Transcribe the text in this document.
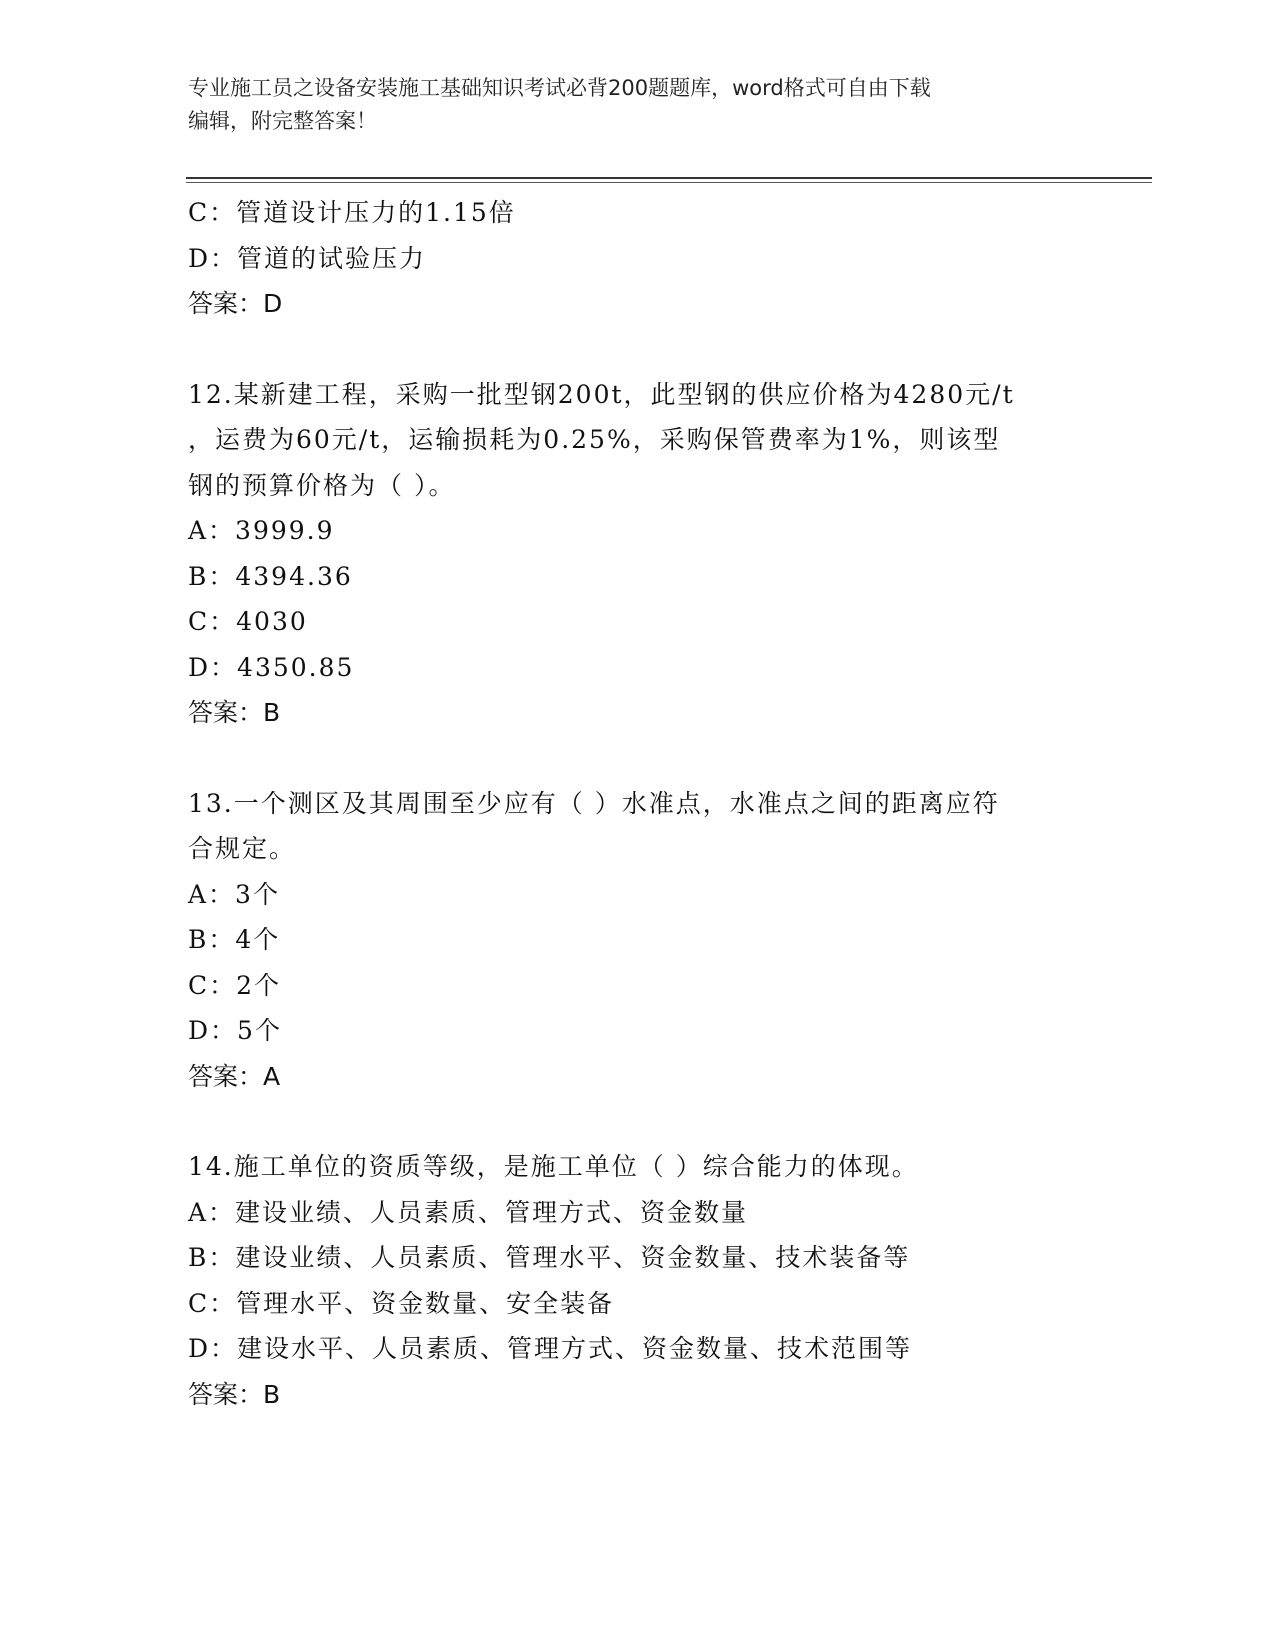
专业施工员之设备安装施工基础知识考试必背200题题库，word格式可自由下载
编辑，附完整答案！
C：管道设计压力的1.15倍
D：管道的试验压力
答案：D
12.某新建工程，采购一批型钢200t，此型钢的供应价格为4280元/t
，运费为60元/t，运输损耗为0.25%，采购保管费率为1%，则该型
钢的预算价格为（ ）。
A：3999.9
B：4394.36
C：4030
D：4350.85
答案：B
13.一个测区及其周围至少应有（ ）水准点，水准点之间的距离应符
合规定。
A：3个
B：4个
C：2个
D：5个
答案：A
14.施工单位的资质等级，是施工单位（ ）综合能力的体现。
A：建设业绩、人员素质、管理方式、资金数量
B：建设业绩、人员素质、管理水平、资金数量、技术装备等
C：管理水平、资金数量、安全装备
D：建设水平、人员素质、管理方式、资金数量、技术范围等
答案：B
